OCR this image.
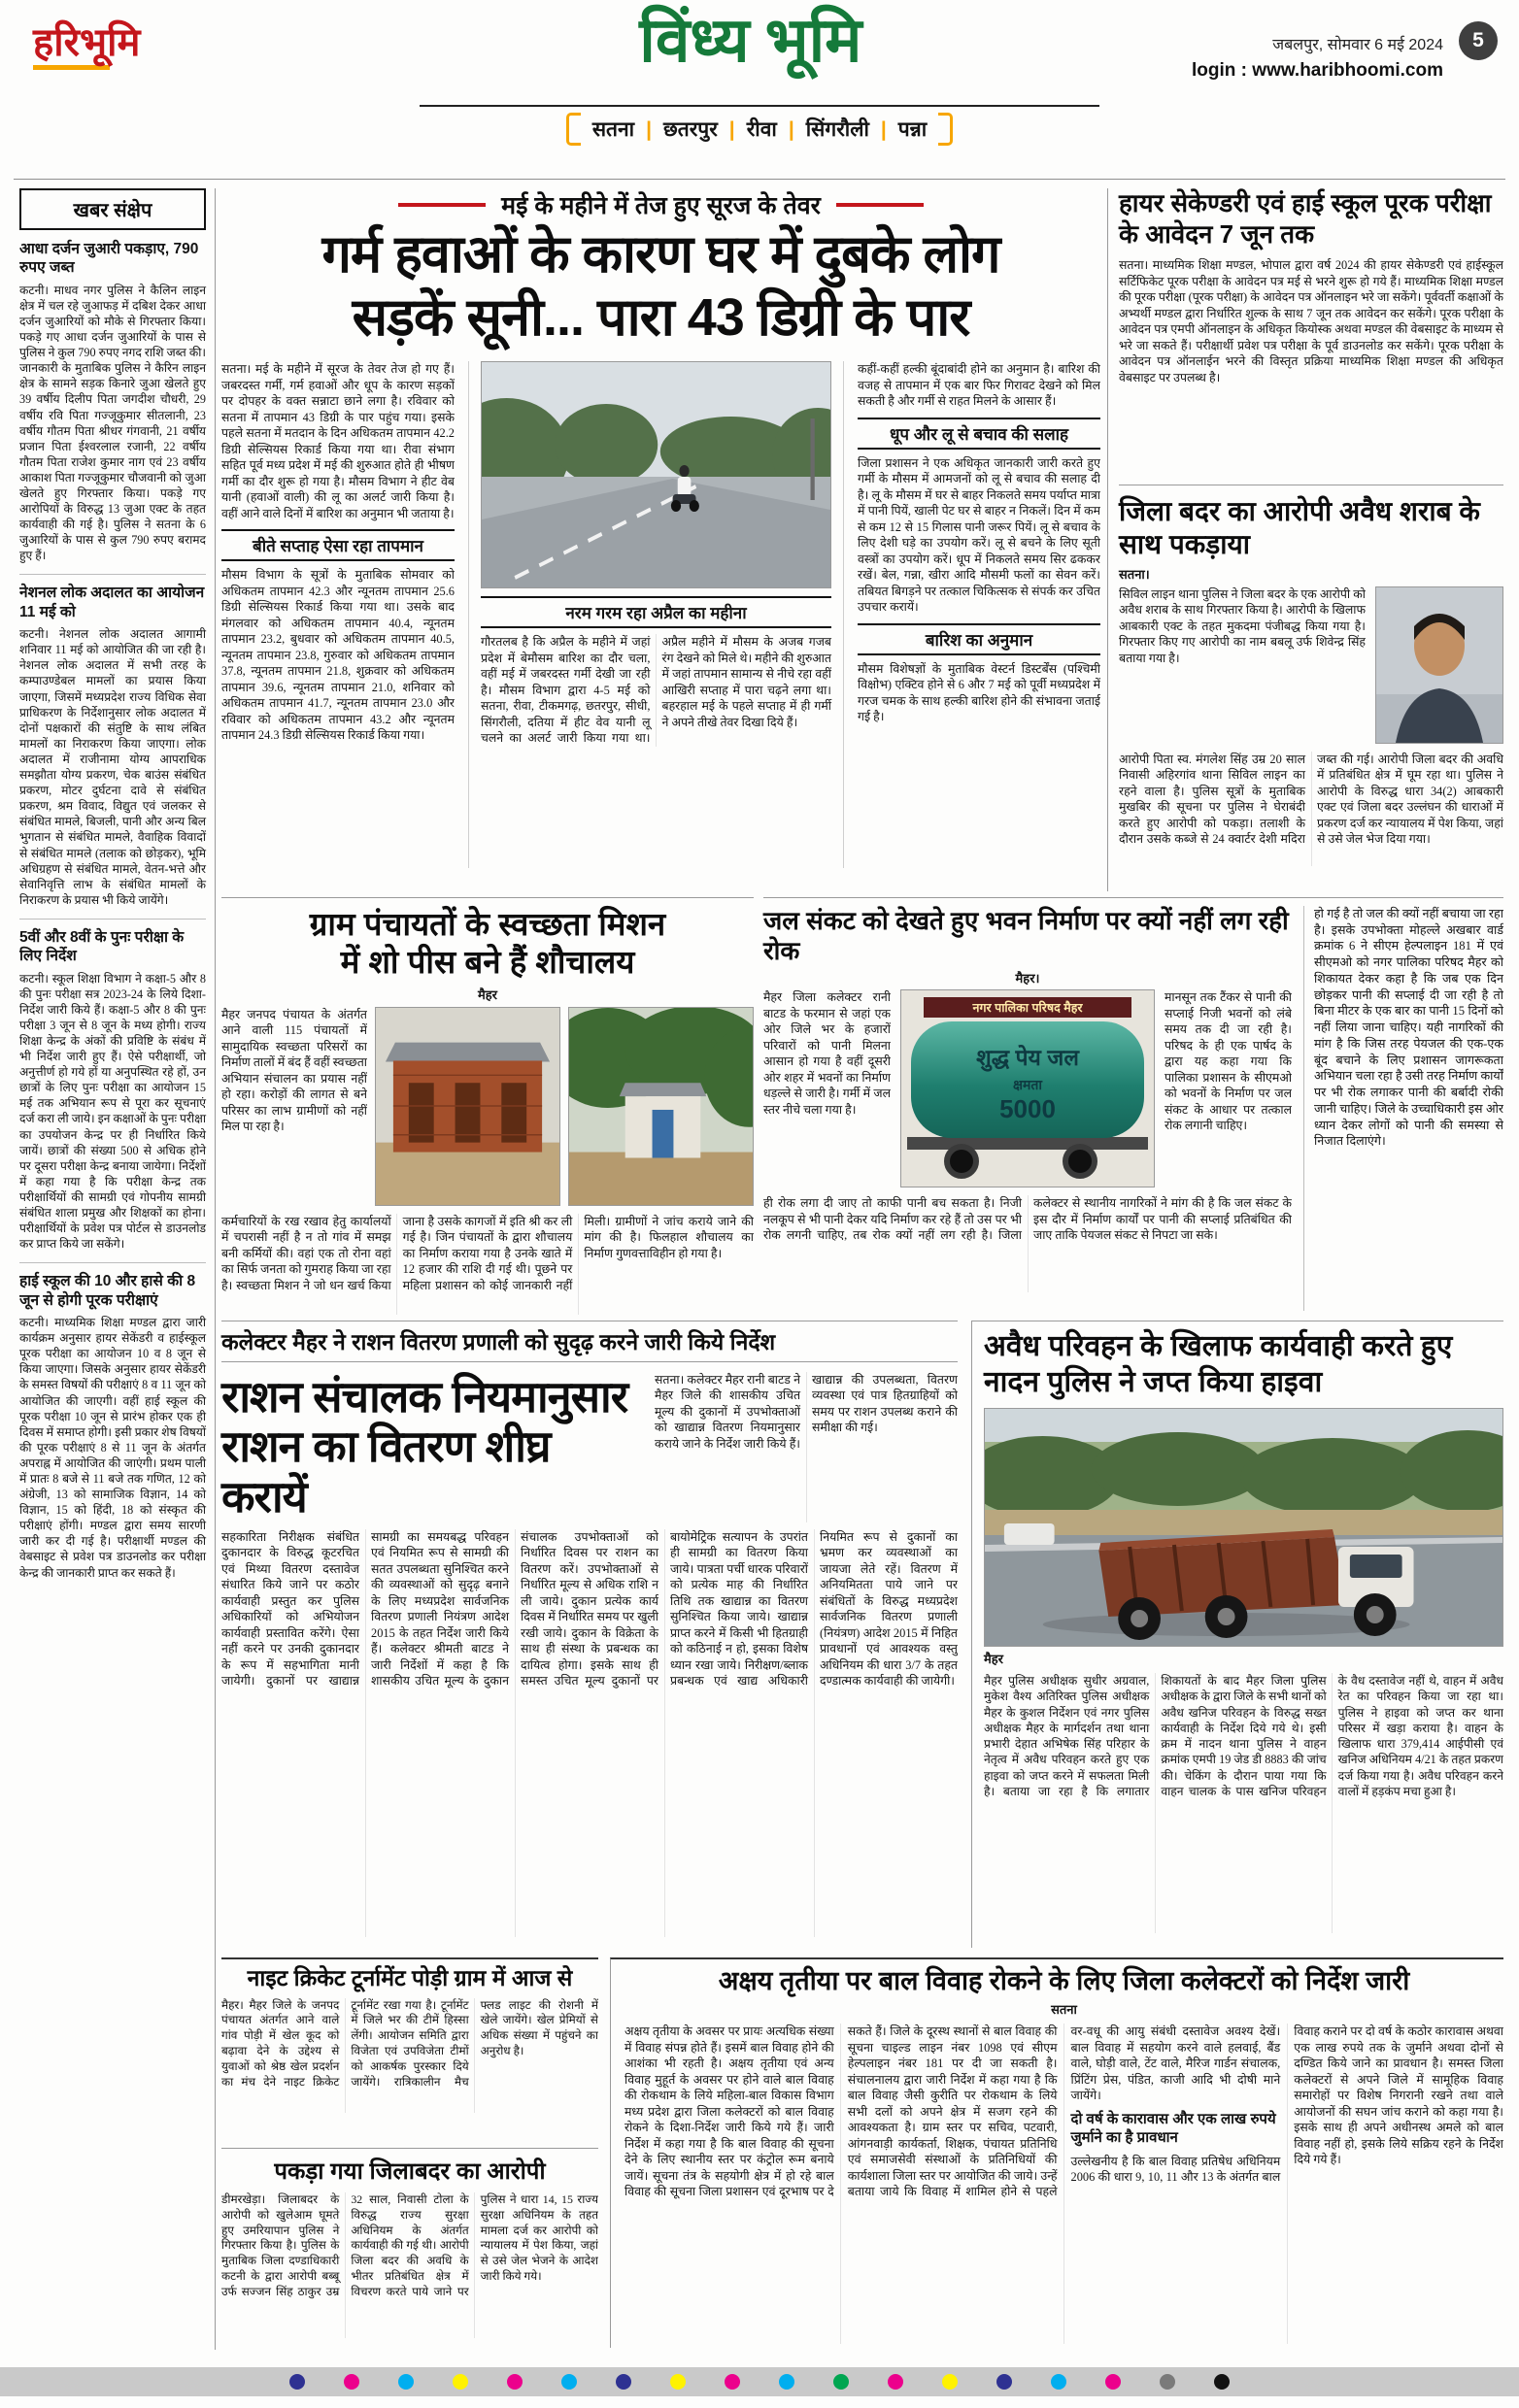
हरिभूमि	विंध्य भूमि	जबलपुर, सोमवार 6 मई 2024
login : www.haribhoomi.com
5
सतना	| छतरपुर	| रीवा	| सिंगरौली	| पन्ना
खबर संक्षेप
आधा दर्जन जुआरी पकड़ाए, 790 रुपए जब्त

कटनी। माधव नगर पुलिस ने कैलिन लाइन क्षेत्र में चल रहे जुआफड़ में दबिश देकर आधा दर्जन जुआरियों को मौके से गिरफ्तार किया। पकड़े गए आधा दर्जन जुआरियों के पास से पुलिस ने कुल 790 रुपए नगद राशि जब्त की। जानकारी के मुताबिक पुलिस ने कैरिन लाइन क्षेत्र के सामने सड़क किनारे जुआ खेलते हुए 39 वर्षीय दिलीप पिता जगदीश चौधरी, 29 वर्षीय रवि पिता गज्जूकुमार सीतलानी, 23 वर्षीय गौतम पिता श्रीधर गंगवानी, 21 वर्षीय प्रजान पिता ईश्वरलाल रजानी, 22 वर्षीय गौतम पिता राजेश कुमार नाग एवं 23 वर्षीय आकाश पिता गज्जूकुमार चौजवानी को जुआ खेलते हुए गिरफ्तार किया। पकड़े गए आरोपियों के विरुद्ध 13 जुआ एक्ट के तहत कार्यवाही की गई है। पुलिस ने सतना के 6 जुआरियों के पास से कुल 790 रुपए बरामद हुए हैं।

नेशनल लोक अदालत का आयोजन 11 मई को

कटनी। नेशनल लोक अदालत आगामी शनिवार 11 मई को आयोजित की जा रही है। नेशनल लोक अदालत में सभी तरह के कम्पाउण्डेबल मामलों का प्रयास किया जाएगा, जिसमें मध्यप्रदेश राज्य विधिक सेवा प्राधिकरण के निर्देशानुसार लोक अदालत में दोनों पक्षकारों की संतुष्टि के साथ लंबित मामलों का निराकरण किया जाएगा। लोक अदालत में राजीनामा योग्य आपराधिक समझौता योग्य प्रकरण, चेक बाउंस संबंधित प्रकरण, मोटर दुर्घटना दावे से संबंधित प्रकरण, श्रम विवाद, विद्युत एवं जलकर से संबंधित मामले, बिजली, पानी और अन्य बिल भुगतान से संबंधित मामले, वैवाहिक विवादों से संबंधित मामले (तलाक को छोड़कर), भूमि अधिग्रहण से संबंधित मामले, वेतन-भत्ते और सेवानिवृत्ति लाभ के संबंधित मामलों के निराकरण के प्रयास भी किये जायेंगे।

5वीं और 8वीं के पुनः परीक्षा के लिए निर्देश

कटनी। स्कूल शिक्षा विभाग ने कक्षा-5 और 8 की पुनः परीक्षा सत्र 2023-24 के लिये दिशा-निर्देश जारी किये हैं। कक्षा-5 और 8 की पुनः परीक्षा 3 जून से 8 जून के मध्य होगी। राज्य शिक्षा केन्द्र के अंकों की प्रविष्टि के संबंध में भी निर्देश जारी हुए हैं। ऐसे परीक्षार्थी, जो अनुत्तीर्ण हो गये हों या अनुपस्थित रहे हों, उन छात्रों के लिए पुनः परीक्षा का आयोजन 15 मई तक अभियान रूप से पूरा कर सूचनाएं दर्ज करा ली जाये। इन कक्षाओं के पुनः परीक्षा का उपयोजन केन्द्र पर ही निर्धारित किये जायें। छात्रों की संख्या 500 से अधिक होने पर दूसरा परीक्षा केन्द्र बनाया जायेगा। निर्देशों में कहा गया है कि परीक्षा केन्द्र तक परीक्षार्थियों की सामग्री एवं गोपनीय सामग्री संबंधित शाला प्रमुख और शिक्षकों का होना। परीक्षार्थियों के प्रवेश पत्र पोर्टल से डाउनलोड कर प्राप्त किये जा सकेंगे।

हाई स्कूल की 10 और हासे की 8 जून से होगी पूरक परीक्षाएं

कटनी। माध्यमिक शिक्षा मण्डल द्वारा जारी कार्यक्रम अनुसार हायर सेकेंडरी व हाईस्कूल पूरक परीक्षा का आयोजन 10 व 8 जून से किया जाएगा। जिसके अनुसार हायर सेकेंडरी के समस्त विषयों की परीक्षाएं 8 व 11 जून को आयोजित की जाएगी। वहीं हाई स्कूल की पूरक परीक्षा 10 जून से प्रारंभ होकर एक ही दिवस में समाप्त होगी। इसी प्रकार शेष विषयों की पूरक परीक्षाएं 8 से 11 जून के अंतर्गत अपराह्न में आयोजित की जाएंगी। प्रथम पाली में प्रातः 8 बजे से 11 बजे तक गणित, 12 को अंग्रेजी, 13 को सामाजिक विज्ञान, 14 को विज्ञान, 15 को हिंदी, 18 को संस्कृत की परीक्षाएं होंगी। मण्डल द्वारा समय सारणी जारी कर दी गई है। परीक्षार्थी मण्डल की वेबसाइट से प्रवेश पत्र डाउनलोड कर परीक्षा केन्द्र की जानकारी प्राप्त कर सकते हैं।

मई के महीने में तेज हुए सूरज के तेवर
गर्म हवाओं के कारण घर में दुबके लोग
सड़कें सूनी... पारा 43 डिग्री के पार
सतना। मई के महीने में सूरज के तेवर तेज हो गए हैं। जबरदस्त गर्मी, गर्म हवाओं और धूप के कारण सड़कों पर दोपहर के वक्त सन्नाटा छाने लगा है। रविवार को सतना में तापमान 43 डिग्री के पार पहुंच गया। इसके पहले सतना में मतदान के दिन अधिकतम तापमान 42.2 डिग्री सेल्सियस रिकार्ड किया गया था। रीवा संभाग सहित पूर्व मध्य प्रदेश में मई की शुरुआत होते ही भीषण गर्मी का दौर शुरू हो गया है। मौसम विभाग ने हीट वेब यानी (हवाओं वाली) की लू का अलर्ट जारी किया है। वहीं आने वाले दिनों में बारिश का अनुमान भी जताया है।
बीते सप्ताह ऐसा रहा तापमान
मौसम विभाग के सूत्रों के मुताबिक सोमवार को अधिकतम तापमान 42.3 और न्यूनतम तापमान 25.6 डिग्री सेल्सियस रिकार्ड किया गया था। उसके बाद मंगलवार को अधिकतम तापमान 40.4, न्यूनतम तापमान 23.2, बुधवार को अधिकतम तापमान 40.5, न्यूनतम तापमान 23.8, गुरुवार को अधिकतम तापमान 37.8, न्यूनतम तापमान 21.8, शुक्रवार को अधिकतम तापमान 39.6, न्यूनतम तापमान 21.0, शनिवार को अधिकतम तापमान 41.7, न्यूनतम तापमान 23.0 और रविवार को अधिकतम तापमान 43.2 और न्यूनतम तापमान 24.3 डिग्री सेल्सियस रिकार्ड किया गया।
नरम गरम रहा अप्रैल का महीना
गौरतलब है कि अप्रैल के महीने में जहां प्रदेश में बेमौसम बारिश का दौर चला, वहीं मई में जबरदस्त गर्मी देखी जा रही है। मौसम विभाग द्वारा 4-5 मई को सतना, रीवा, टीकमगढ़, छतरपुर, सीधी, सिंगरौली, दतिया में हीट वेव यानी लू चलने का अलर्ट जारी किया गया था। अप्रैल महीने में मौसम के अजब गजब रंग देखने को मिले थे। महीने की शुरुआत में जहां तापमान सामान्य से नीचे रहा वहीं आखिरी सप्ताह में पारा चढ़ने लगा था। बहरहाल मई के पहले सप्ताह में ही गर्मी ने अपने तीखे तेवर दिखा दिये हैं।
कहीं-कहीं हल्की बूंदाबांदी होने का अनुमान है। बारिश की वजह से तापमान में एक बार फिर गिरावट देखने को मिल सकती है और गर्मी से राहत मिलने के आसार हैं।
धूप और लू से बचाव की सलाह
जिला प्रशासन ने एक अधिकृत जानकारी जारी करते हुए गर्मी के मौसम में आमजनों को लू से बचाव की सलाह दी है। लू के मौसम में घर से बाहर निकलते समय पर्याप्त मात्रा में पानी पियें, खाली पेट घर से बाहर न निकलें। दिन में कम से कम 12 से 15 गिलास पानी जरूर पियें। लू से बचाव के लिए देशी घड़े का उपयोग करें। लू से बचने के लिए सूती वस्त्रों का उपयोग करें। धूप में निकलते समय सिर ढककर रखें। बेल, गन्ना, खीरा आदि मौसमी फलों का सेवन करें। तबियत बिगड़ने पर तत्काल चिकित्सक से संपर्क कर उचित उपचार करायें।
बारिश का अनुमान
मौसम विशेषज्ञों के मुताबिक वेस्टर्न डिस्टर्बेंस (पश्चिमी विक्षोभ) एक्टिव होने से 6 और 7 मई को पूर्वी मध्यप्रदेश में गरज चमक के साथ हल्की बारिश होने की संभावना जताई गई है।
हायर सेकेण्डरी एवं हाई स्कूल पूरक परीक्षा के आवेदन 7 जून तक
सतना। माध्यमिक शिक्षा मण्डल, भोपाल द्वारा वर्ष 2024 की हायर सेकेण्डरी एवं हाईस्कूल सर्टिफिकेट पूरक परीक्षा के आवेदन पत्र मई से भरने शुरू हो गये हैं। माध्यमिक शिक्षा मण्डल की पूरक परीक्षा (पूरक परीक्षा) के आवेदन पत्र ऑनलाइन भरे जा सकेंगे। पूर्ववर्ती कक्षाओं के अभ्यर्थी मण्डल द्वारा निर्धारित शुल्क के साथ 7 जून तक आवेदन कर सकेंगे। पूरक परीक्षा के आवेदन पत्र एमपी ऑनलाइन के अधिकृत कियोस्क अथवा मण्डल की वेबसाइट के माध्यम से भरे जा सकते हैं। परीक्षार्थी प्रवेश पत्र परीक्षा के पूर्व डाउनलोड कर सकेंगे। पूरक परीक्षा के आवेदन पत्र ऑनलाईन भरने की विस्तृत प्रक्रिया माध्यमिक शिक्षा मण्डल की अधिकृत वेबसाइट पर उपलब्ध है।
जिला बदर का आरोपी अवैध शराब के साथ पकड़ाया
सतना।
सिविल लाइन थाना पुलिस ने जिला बदर के एक आरोपी को अवैध शराब के साथ गिरफ्तार किया है। आरोपी के खिलाफ आबकारी एक्ट के तहत मुकदमा पंजीबद्ध किया गया है। गिरफ्तार किए गए आरोपी का नाम बबलू उर्फ शिवेन्द्र सिंह बताया गया है।
आरोपी पिता स्व. मंगलेश सिंह उम्र 20 साल निवासी अहिरगांव थाना सिविल लाइन का रहने वाला है। पुलिस सूत्रों के मुताबिक मुखबिर की सूचना पर पुलिस ने घेराबंदी करते हुए आरोपी को पकड़ा। तलाशी के दौरान उसके कब्जे से 24 क्वार्टर देशी मदिरा जब्त की गई। आरोपी जिला बदर की अवधि में प्रतिबंधित क्षेत्र में घूम रहा था। पुलिस ने आरोपी के विरुद्ध धारा 34(2) आबकारी एक्ट एवं जिला बदर उल्लंघन की धाराओं में प्रकरण दर्ज कर न्यायालय में पेश किया, जहां से उसे जेल भेज दिया गया।
ग्राम पंचायतों के स्वच्छता मिशन
में शो पीस बने हैं शौचालय
मैहर
मैहर जनपद पंचायत के अंतर्गत आने वाली 115 पंचायतों में सामुदायिक स्वच्छता परिसरों का निर्माण तालों में बंद हैं वहीं स्वच्छता अभियान संचालन का प्रयास नहीं हो रहा। करोड़ों की लागत से बने परिसर का लाभ ग्रामीणों को नहीं मिल पा रहा है।
कर्मचारियों के रख रखाव हेतु कार्यालयों में चपरासी नहीं है न तो गांव में समझ बनी कर्मियों की। वहां एक तो रोना वहां का सिर्फ जनता को गुमराह किया जा रहा है। स्वच्छता मिशन ने जो धन खर्च किया जाना है उसके कागजों में इति श्री कर ली गई है। जिन पंचायतों के द्वारा शौचालय का निर्माण कराया गया है उनके खाते में 12 हजार की राशि दी गई थी। पूछने पर महिला प्रशासन को कोई जानकारी नहीं मिली। ग्रामीणों ने जांच कराये जाने की मांग की है। फिलहाल शौचालय का निर्माण गुणवत्ताविहीन हो गया है।
जल संकट को देखते हुए भवन निर्माण पर क्यों नहीं लग रही रोक
मैहर।
मैहर जिला कलेक्टर रानी बाटड के फरमान से जहां एक ओर जिले भर के हजारों परिवारों को पानी मिलना आसान हो गया है वहीं दूसरी ओर शहर में भवनों का निर्माण धड़ल्ले से जारी है। गर्मी में जल स्तर नीचे चला गया है।
नगर पालिका परिषद मैहर
शुद्ध पेय जल
क्षमता
5000
मानसून तक टैंकर से पानी की सप्लाई निजी भवनों को लंबे समय तक दी जा रही है। परिषद के ही एक पार्षद के द्वारा यह कहा गया कि पालिका प्रशासन के सीएमओ को भवनों के निर्माण पर जल संकट के आधार पर तत्काल रोक लगानी चाहिए।
ही रोक लगा दी जाए तो काफी पानी बच सकता है। निजी नलकूप से भी पानी देकर यदि निर्माण कर रहे हैं तो उस पर भी रोक लगनी चाहिए, तब रोक क्यों नहीं लग रही है। जिला कलेक्टर से स्थानीय नागरिकों ने मांग की है कि जल संकट के इस दौर में निर्माण कार्यों पर पानी की सप्लाई प्रतिबंधित की जाए ताकि पेयजल संकट से निपटा जा सके।
हो गई है तो जल की क्यों नहीं बचाया जा रहा है। इसके उपभोक्ता मोहल्ले अखबार वार्ड क्रमांक 6 ने सीएम हेल्पलाइन 181 में एवं सीएमओ को नगर पालिका परिषद मैहर को शिकायत देकर कहा है कि जब एक दिन छोड़कर पानी की सप्लाई दी जा रही है तो बिना मीटर के एक बार का पानी 15 दिनों को नहीं लिया जाना चाहिए। यही नागरिकों की मांग है कि जिस तरह पेयजल की एक-एक बूंद बचाने के लिए प्रशासन जागरूकता अभियान चला रहा है उसी तरह निर्माण कार्यों पर भी रोक लगाकर पानी की बर्बादी रोकी जानी चाहिए। जिले के उच्चाधिकारी इस ओर ध्यान देकर लोगों को पानी की समस्या से निजात दिलाएंगे।
कलेक्टर मैहर ने राशन वितरण प्रणाली को सुदृढ़ करने जारी किये निर्देश
राशन संचालक नियमानुसार
राशन का वितरण शीघ्र करायें
सतना। कलेक्टर मैहर रानी बाटड ने मैहर जिले की शासकीय उचित मूल्य की दुकानों में उपभोक्ताओं को खाद्यान्न वितरण नियमानुसार कराये जाने के निर्देश जारी किये हैं। खाद्यान्न की उपलब्धता, वितरण व्यवस्था एवं पात्र हितग्राहियों को समय पर राशन उपलब्ध कराने की समीक्षा की गई।
सहकारिता निरीक्षक संबंधित दुकानदार के विरुद्ध कूटरचित एवं मिथ्या वितरण दस्तावेज संधारित किये जाने पर कठोर कार्यवाही प्रस्तुत कर पुलिस अधिकारियों को अभियोजन कार्यवाही प्रस्तावित करेंगे। ऐसा नहीं करने पर उनकी दुकानदार के रूप में सहभागिता मानी जायेगी। दुकानों पर खाद्यान्न सामग्री का समयबद्ध परिवहन एवं नियमित रूप से सामग्री की सतत उपलब्धता सुनिश्चित करने की व्यवस्थाओं को सुदृढ़ बनाने के लिए मध्यप्रदेश सार्वजनिक वितरण प्रणाली नियंत्रण आदेश 2015 के तहत निर्देश जारी किये हैं। कलेक्टर श्रीमती बाटड ने जारी निर्देशों में कहा है कि शासकीय उचित मूल्य के दुकान संचालक उपभोक्ताओं को निर्धारित दिवस पर राशन का वितरण करें। उपभोक्ताओं से निर्धारित मूल्य से अधिक राशि न ली जाये। दुकान प्रत्येक कार्य दिवस में निर्धारित समय पर खुली रखी जाये। दुकान के विक्रेता के साथ ही संस्था के प्रबन्धक का दायित्व होगा। इसके साथ ही समस्त उचित मूल्य दुकानों पर बायोमेट्रिक सत्यापन के उपरांत ही सामग्री का वितरण किया जाये। पात्रता पर्ची धारक परिवारों को प्रत्येक माह की निर्धारित तिथि तक खाद्यान्न का वितरण सुनिश्चित किया जाये। खाद्यान्न प्राप्त करने में किसी भी हितग्राही को कठिनाई न हो, इसका विशेष ध्यान रखा जाये। निरीक्षण/ब्लाक प्रबन्धक एवं खाद्य अधिकारी नियमित रूप से दुकानों का भ्रमण कर व्यवस्थाओं का जायजा लेते रहें। वितरण में अनियमितता पाये जाने पर संबंधितों के विरुद्ध मध्यप्रदेश सार्वजनिक वितरण प्रणाली (नियंत्रण) आदेश 2015 में निहित प्रावधानों एवं आवश्यक वस्तु अधिनियम की धारा 3/7 के तहत दण्डात्मक कार्यवाही की जायेगी।
अवैध परिवहन के खिलाफ कार्यवाही करते हुए नादन पुलिस ने जप्त किया हाइवा
मैहर
मैहर पुलिस अधीक्षक सुधीर अग्रवाल, मुकेश वैश्य अतिरिक्त पुलिस अधीक्षक मैहर के कुशल निर्देशन एवं नगर पुलिस अधीक्षक मैहर के मार्गदर्शन तथा थाना प्रभारी देहात अभिषेक सिंह परिहार के नेतृत्व में अवैध परिवहन करते हुए एक हाइवा को जप्त करने में सफलता मिली है। बताया जा रहा है कि लगातार शिकायतों के बाद मैहर जिला पुलिस अधीक्षक के द्वारा जिले के सभी थानों को अवैध खनिज परिवहन के विरुद्ध सख्त कार्यवाही के निर्देश दिये गये थे। इसी क्रम में नादन थाना पुलिस ने वाहन क्रमांक एमपी 19 जेड डी 8883 की जांच की। चेकिंग के दौरान पाया गया कि वाहन चालक के पास खनिज परिवहन के वैध दस्तावेज नहीं थे, वाहन में अवैध रेत का परिवहन किया जा रहा था। पुलिस ने हाइवा को जप्त कर थाना परिसर में खड़ा कराया है। वाहन के खिलाफ धारा 379,414 आईपीसी एवं खनिज अधिनियम 4/21 के तहत प्रकरण दर्ज किया गया है। अवैध परिवहन करने वालों में हड़कंप मचा हुआ है।
नाइट क्रिकेट टूर्नामेंट पोड़ी ग्राम में आज से
मैहर। मैहर जिले के जनपद पंचायत अंतर्गत आने वाले गांव पोड़ी में खेल कूद को बढ़ावा देने के उद्देश्य से युवाओं को श्रेष्ठ खेल प्रदर्शन का मंच देने नाइट क्रिकेट टूर्नामेंट रखा गया है। टूर्नामेंट में जिले भर की टीमें हिस्सा लेंगी। आयोजन समिति द्वारा विजेता एवं उपविजेता टीमों को आकर्षक पुरस्कार दिये जायेंगे। रात्रिकालीन मैच फ्लड लाइट की रोशनी में खेले जायेंगे। खेल प्रेमियों से अधिक संख्या में पहुंचने का अनुरोध है।
पकड़ा गया जिलाबदर का आरोपी
डीमरखेड़ा। जिलाबदर के आरोपी को खुलेआम घूमते हुए उमरियापान पुलिस ने गिरफ्तार किया है। पुलिस के मुताबिक जिला दण्डाधिकारी कटनी के द्वारा आरोपी बब्बू उर्फ सज्जन सिंह ठाकुर उम्र 32 साल, निवासी टोला के विरुद्ध राज्य सुरक्षा अधिनियम के अंतर्गत कार्यवाही की गई थी। आरोपी जिला बदर की अवधि के भीतर प्रतिबंधित क्षेत्र में विचरण करते पाये जाने पर पुलिस ने धारा 14, 15 राज्य सुरक्षा अधिनियम के तहत मामला दर्ज कर आरोपी को न्यायालय में पेश किया, जहां से उसे जेल भेजने के आदेश जारी किये गये।
अक्षय तृतीया पर बाल विवाह रोकने के लिए जिला कलेक्टरों को निर्देश जारी
सतना
अक्षय तृतीया के अवसर पर प्रायः अत्यधिक संख्या में विवाह संपन्न होते हैं। इसमें बाल विवाह होने की आशंका भी रहती है। अक्षय तृतीया एवं अन्य विवाह मुहूर्त के अवसर पर होने वाले बाल विवाह की रोकथाम के लिये महिला-बाल विकास विभाग मध्य प्रदेश द्वारा जिला कलेक्टरों को बाल विवाह रोकने के दिशा-निर्देश जारी किये गये हैं। जारी निर्देश में कहा गया है कि बाल विवाह की सूचना देने के लिए स्थानीय स्तर पर कंट्रोल रूम बनाये जायें। सूचना तंत्र के सहयोगी क्षेत्र में हो रहे बाल विवाह की सूचना जिला प्रशासन एवं दूरभाष पर दे सकते हैं। जिले के दूरस्थ स्थानों से बाल विवाह की सूचना चाइल्ड लाइन नंबर 1098 एवं सीएम हेल्पलाइन नंबर 181 पर दी जा सकती है। संचालनालय द्वारा जारी निर्देश में कहा गया है कि बाल विवाह जैसी कुरीति पर रोकथाम के लिये सभी दलों को अपने क्षेत्र में सजग रहने की आवश्यकता है। ग्राम स्तर पर सचिव, पटवारी, आंगनवाड़ी कार्यकर्ता, शिक्षक, पंचायत प्रतिनिधि एवं समाजसेवी संस्थाओं के प्रतिनिधियों की कार्यशाला जिला स्तर पर आयोजित की जाये। उन्हें बताया जाये कि विवाह में शामिल होने से पहले वर-वधू की आयु संबंधी दस्तावेज अवश्य देखें। बाल विवाह में सहयोग करने वाले हलवाई, बैंड वाले, घोड़ी वाले, टेंट वाले, मैरिज गार्डन संचालक, प्रिंटिंग प्रेस, पंडित, काजी आदि भी दोषी माने जायेंगे।
दो वर्ष के कारावास और एक लाख रुपये जुर्माने का है प्रावधान
उल्लेखनीय है कि बाल विवाह प्रतिषेध अधिनियम 2006 की धारा 9, 10, 11 और 13 के अंतर्गत बाल विवाह कराने पर दो वर्ष के कठोर कारावास अथवा एक लाख रुपये तक के जुर्माने अथवा दोनों से दण्डित किये जाने का प्रावधान है। समस्त जिला कलेक्टरों से अपने जिले में सामूहिक विवाह समारोहों पर विशेष निगरानी रखने तथा वाले आयोजनों की सघन जांच कराने को कहा गया है। इसके साथ ही अपने अधीनस्थ अमले को बाल विवाह नहीं हो, इसके लिये सक्रिय रहने के निर्देश दिये गये हैं।
